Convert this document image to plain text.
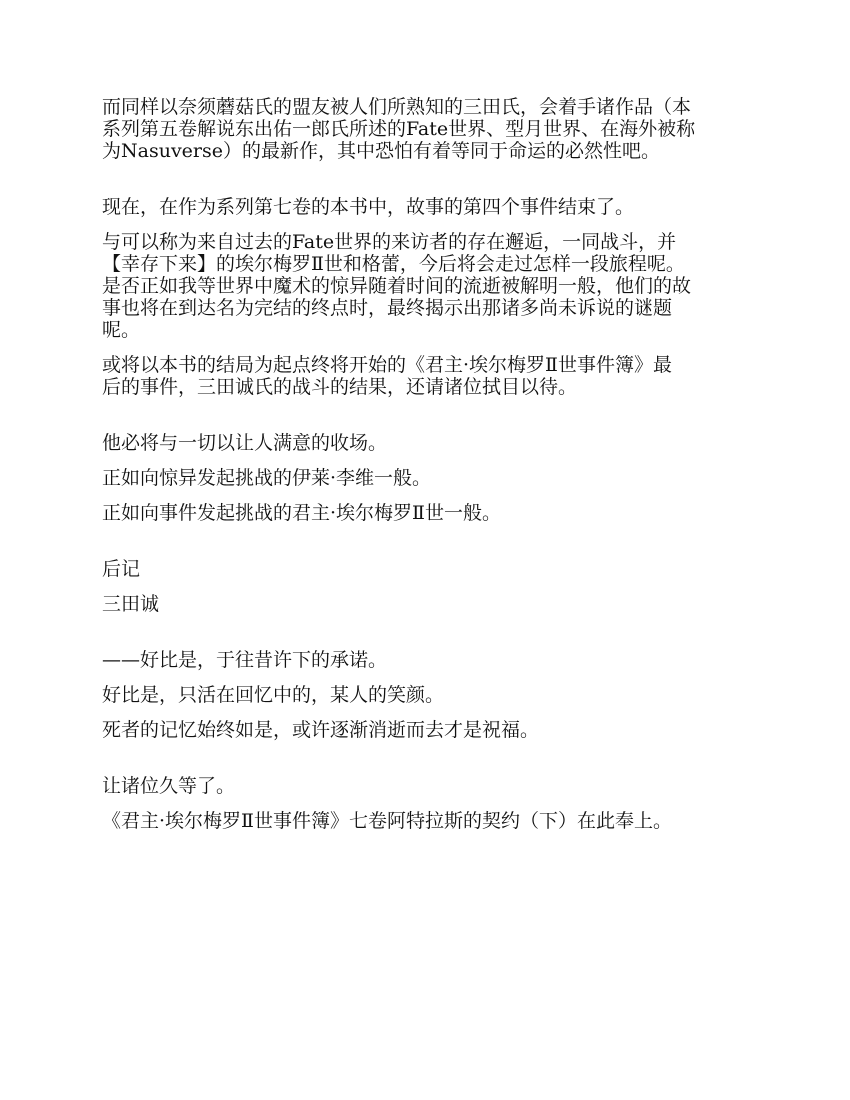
而同样以奈须蘑菇氏的盟友被人们所熟知的三田氏，会着手诸作品（本
系列第五卷解说东出佑一郎氏所述的Fate世界、型月世界、在海外被称
为Nasuverse）的最新作，其中恐怕有着等同于命运的必然性吧。

现在，在作为系列第七卷的本书中，故事的第四个事件结束了。

与可以称为来自过去的Fate世界的来访者的存在邂逅，一同战斗，并
【幸存下来】的埃尔梅罗Ⅱ世和格蕾，今后将会走过怎样一段旅程呢。
是否正如我等世界中魔术的惊异随着时间的流逝被解明一般，他们的故
事也将在到达名为完结的终点时，最终揭示出那诸多尚未诉说的谜题
呢。

或将以本书的结局为起点终将开始的《君主·埃尔梅罗Ⅱ世事件簿》最
后的事件，三田诚氏的战斗的结果，还请诸位拭目以待。

他必将与一切以让人满意的收场。

正如向惊异发起挑战的伊莱·李维一般。

正如向事件发起挑战的君主·埃尔梅罗Ⅱ世一般。

后记

三田诚

——好比是，于往昔许下的承诺。

好比是，只活在回忆中的，某人的笑颜。

死者的记忆始终如是，或许逐渐消逝而去才是祝福。

让诸位久等了。

《君主·埃尔梅罗Ⅱ世事件簿》七卷阿特拉斯的契约（下）在此奉上。
